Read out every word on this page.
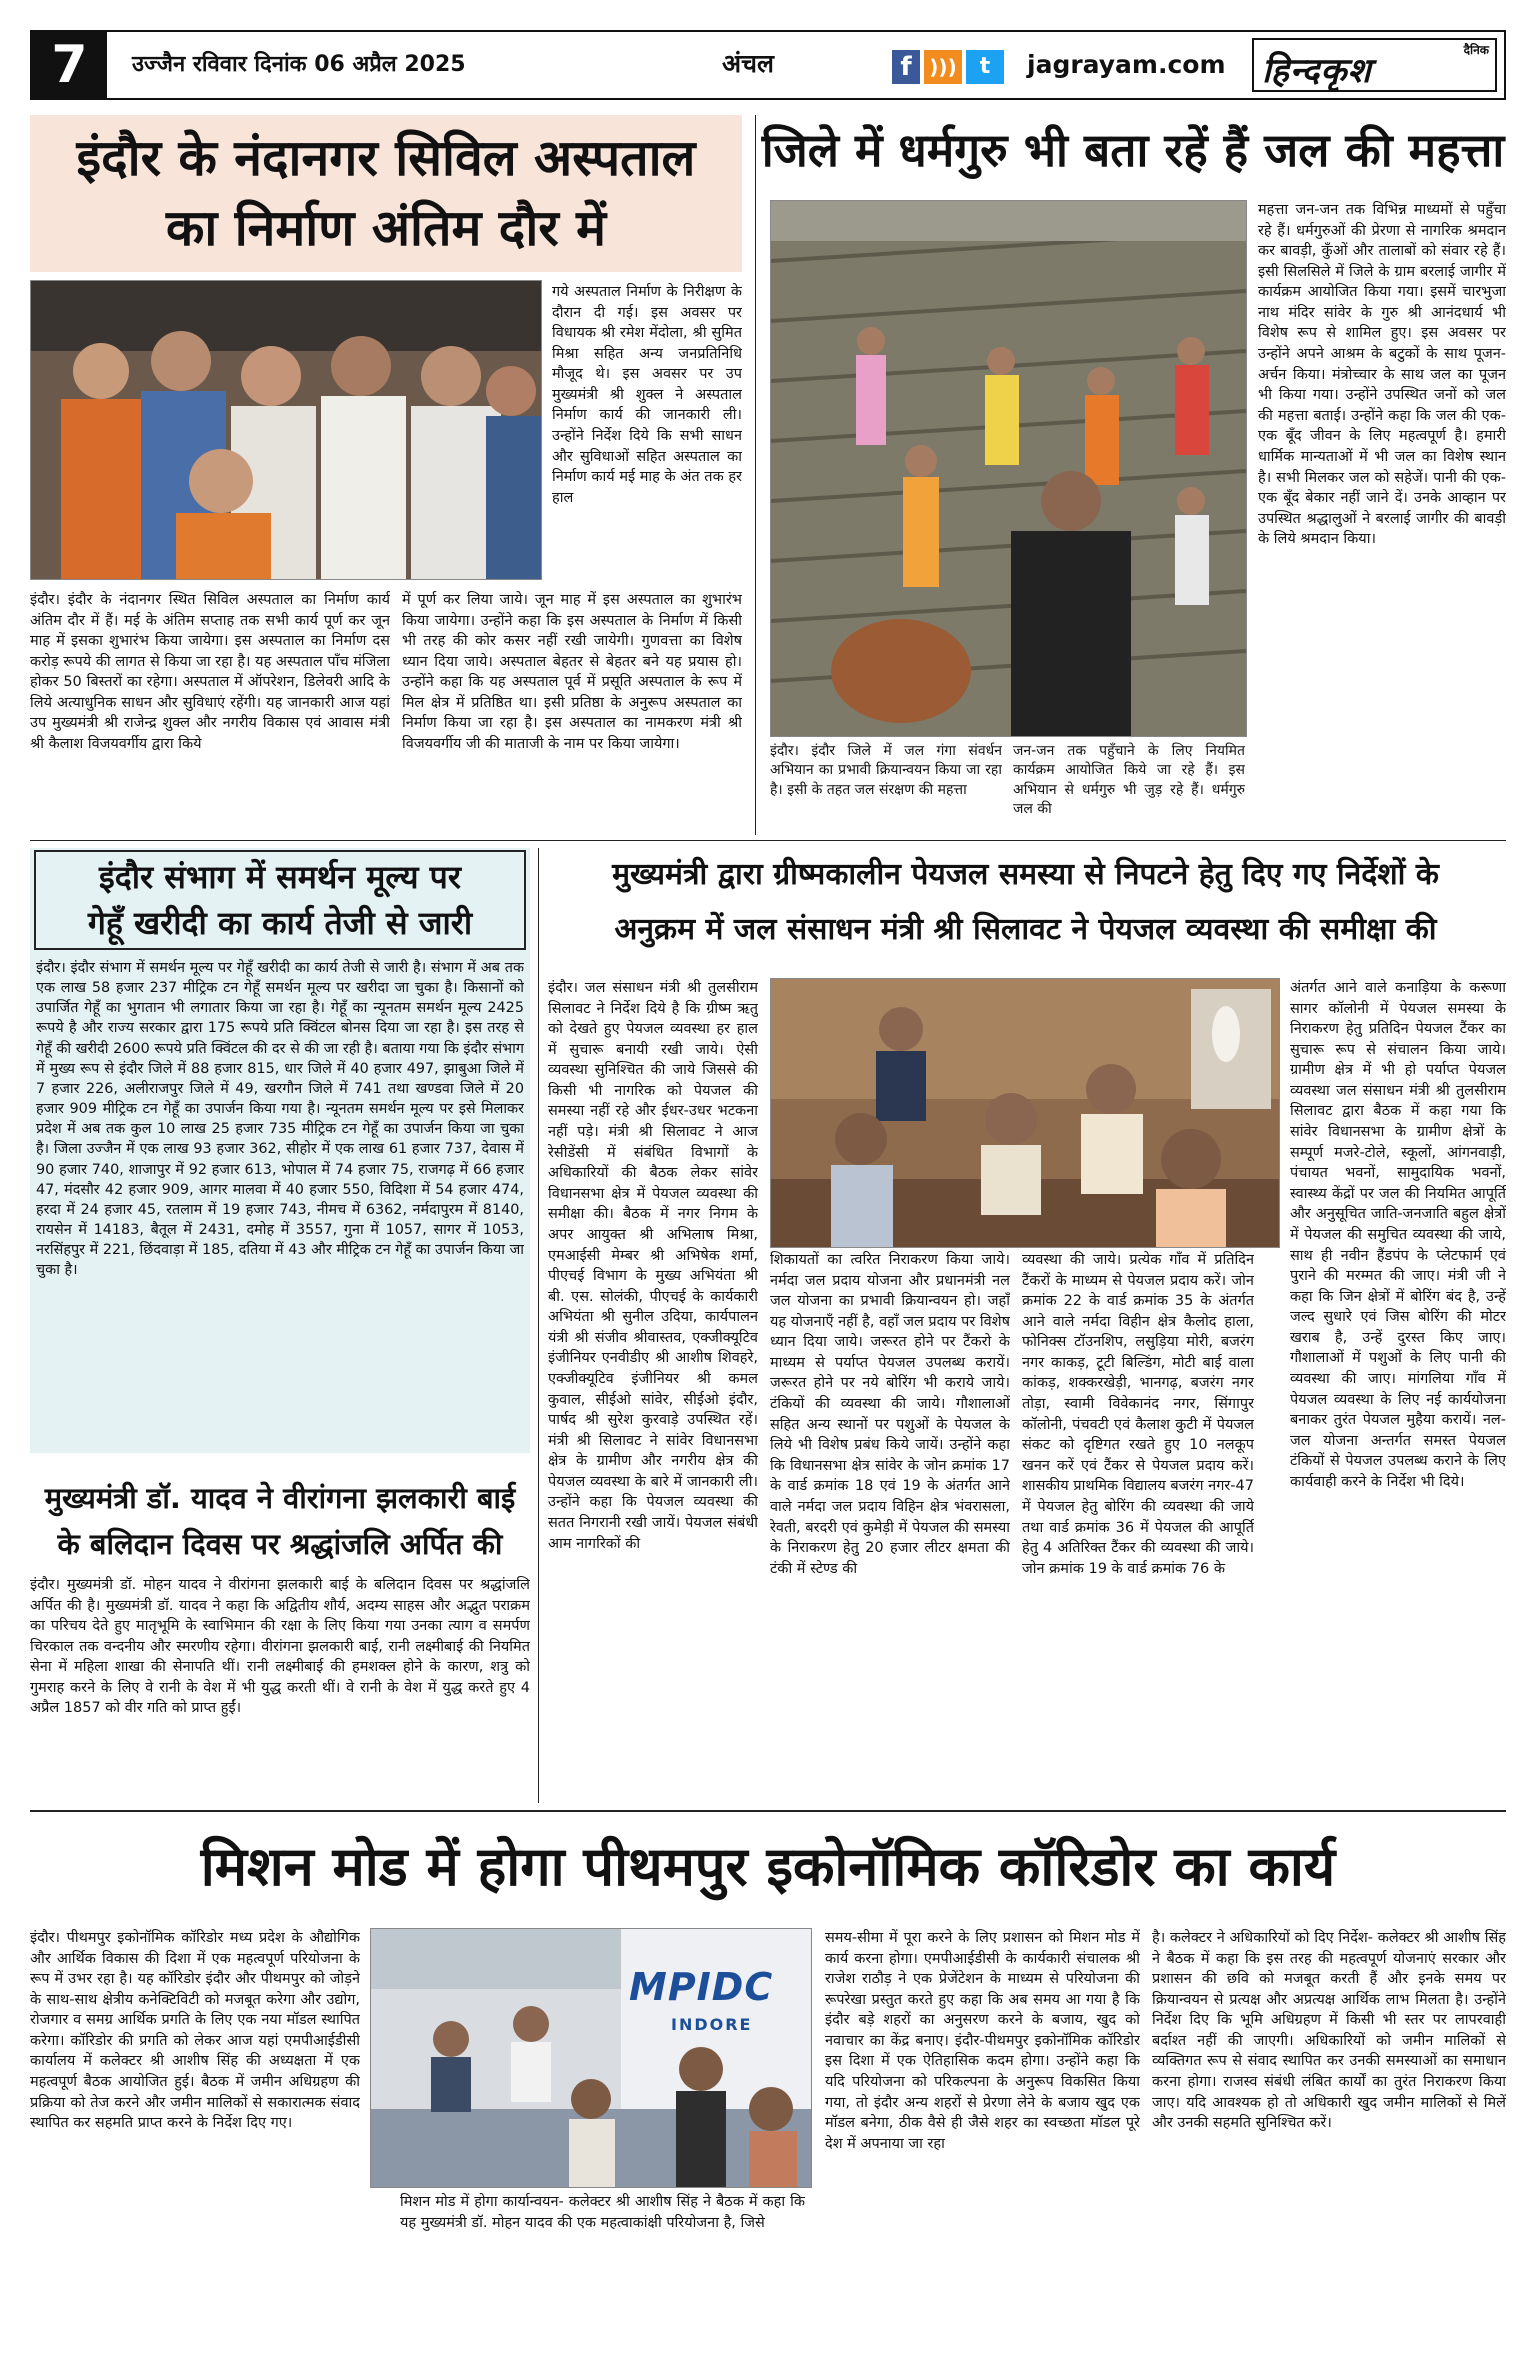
7	उज्जैन रविवार दिनांक 06 अप्रैल 2025	अंचल	f )))	t	jagrayam.com	दैनिक
हिन्दकृश
इंदौर के नंदानगर सिविल अस्पताल
का निर्माण अंतिम दौर में
गये अस्पताल निर्माण के निरीक्षण के दौरान दी गई। इस अवसर पर विधायक श्री रमेश मेंदोला, श्री सुमित मिश्रा सहित अन्य जनप्रतिनिधि मौजूद थे। इस अवसर पर उप मुख्यमंत्री श्री शुक्ल ने अस्पताल निर्माण कार्य की जानकारी ली। उन्होंने निर्देश दिये कि सभी साधन और सुविधाओं सहित अस्पताल का निर्माण कार्य मई माह के अंत तक हर हाल
इंदौर। इंदौर के नंदानगर स्थित सिविल अस्पताल का निर्माण कार्य अंतिम दौर में हैं। मई के अंतिम सप्ताह तक सभी कार्य पूर्ण कर जून माह में इसका शुभारंभ किया जायेगा। इस अस्पताल का निर्माण दस करोड़ रूपये की लागत से किया जा रहा है। यह अस्पताल पाँच मंजिला होकर 50 बिस्तरों का रहेगा। अस्पताल में ऑपरेशन, डिलेवरी आदि के लिये अत्याधुनिक साधन और सुविधाएं रहेंगी। यह जानकारी आज यहां उप मुख्यमंत्री श्री राजेन्द्र शुक्ल और नगरीय विकास एवं आवास मंत्री श्री कैलाश विजयवर्गीय द्वारा किये
में पूर्ण कर लिया जाये। जून माह में इस अस्पताल का शुभारंभ किया जायेगा। उन्होंने कहा कि इस अस्पताल के निर्माण में किसी भी तरह की कोर कसर नहीं रखी जायेगी। गुणवत्ता का विशेष ध्यान दिया जाये। अस्पताल बेहतर से बेहतर बने यह प्रयास हो। उन्होंने कहा कि यह अस्पताल पूर्व में प्रसूति अस्पताल के रूप में मिल क्षेत्र में प्रतिष्ठित था। इसी प्रतिष्ठा के अनुरूप अस्पताल का निर्माण किया जा रहा है। इस अस्पताल का नामकरण मंत्री श्री विजयवर्गीय जी की माताजी के नाम पर किया जायेगा।
जिले में धर्मगुरु भी बता रहें हैं जल की महत्ता
महत्ता जन-जन तक विभिन्न माध्यमों से पहुँचा रहे हैं। धर्मगुरुओं की प्रेरणा से नागरिक श्रमदान कर बावड़ी, कुँओं और तालाबों को संवार रहे हैं। इसी सिलसिले में जिले के ग्राम बरलाई जागीर में कार्यक्रम आयोजित किया गया। इसमें चारभुजा नाथ मंदिर सांवेर के गुरु श्री आनंदधार्य भी विशेष रूप से शामिल हुए। इस अवसर पर उन्होंने अपने आश्रम के बटुकों के साथ पूजन-अर्चन किया। मंत्रोच्चार के साथ जल का पूजन भी किया गया। उन्होंने उपस्थित जनों को जल की महत्ता बताई। उन्होंने कहा कि जल की एक-एक बूँद जीवन के लिए महत्वपूर्ण है। हमारी धार्मिक मान्यताओं में भी जल का विशेष स्थान है। सभी मिलकर जल को सहेजें। पानी की एक-एक बूँद बेकार नहीं जाने दें। उनके आव्हान पर उपस्थित श्रद्धालुओं ने बरलाई जागीर की बावड़ी के लिये श्रमदान किया।
इंदौर। इंदौर जिले में जल गंगा संवर्धन अभियान का प्रभावी क्रियान्वयन किया जा रहा है। इसी के तहत जल संरक्षण की महत्ता
जन-जन तक पहुँचाने के लिए नियमित कार्यक्रम आयोजित किये जा रहे हैं। इस अभियान से धर्मगुरु भी जुड़ रहे हैं। धर्मगुरु जल की
इंदौर संभाग में समर्थन मूल्य पर
गेहूँ खरीदी का कार्य तेजी से जारी
इंदौर। इंदौर संभाग में समर्थन मूल्य पर गेहूँ खरीदी का कार्य तेजी से जारी है। संभाग में अब तक एक लाख 58 हजार 237 मीट्रिक टन गेहूँ समर्थन मूल्य पर खरीदा जा चुका है। किसानों को उपार्जित गेहूँ का भुगतान भी लगातार किया जा रहा है। गेहूँ का न्यूनतम समर्थन मूल्य 2425 रूपये है और राज्य सरकार द्वारा 175 रूपये प्रति क्विंटल बोनस दिया जा रहा है। इस तरह से गेहूँ की खरीदी 2600 रूपये प्रति क्विंटल की दर से की जा रही है। बताया गया कि इंदौर संभाग में मुख्य रूप से इंदौर जिले में 88 हजार 815, धार जिले में 40 हजार 497, झाबुआ जिले में 7 हजार 226, अलीराजपुर जिले में 49, खरगौन जिले में 741 तथा खण्डवा जिले में 20 हजार 909 मीट्रिक टन गेहूँ का उपार्जन किया गया है। न्यूनतम समर्थन मूल्य पर इसे मिलाकर प्रदेश में अब तक कुल 10 लाख 25 हजार 735 मीट्रिक टन गेहूँ का उपार्जन किया जा चुका है। जिला उज्जैन में एक लाख 93 हजार 362, सीहोर में एक लाख 61 हजार 737, देवास में 90 हजार 740, शाजापुर में 92 हजार 613, भोपाल में 74 हजार 75, राजगढ़ में 66 हजार 47, मंदसौर 42 हजार 909, आगर मालवा में 40 हजार 550, विदिशा में 54 हजार 474, हरदा में 24 हजार 45, रतलाम में 19 हजार 743, नीमच में 6362, नर्मदापुरम में 8140, रायसेन में 14183, बैतूल में 2431, दमोह में 3557, गुना में 1057, सागर में 1053, नरसिंहपुर में 221, छिंदवाड़ा में 185, दतिया में 43 और मीट्रिक टन गेहूँ का उपार्जन किया जा चुका है।
मुख्यमंत्री डॉ. यादव ने वीरांगना झलकारी बाई
के बलिदान दिवस पर श्रद्धांजलि अर्पित की
इंदौर। मुख्यमंत्री डॉ. मोहन यादव ने वीरांगना झलकारी बाई के बलिदान दिवस पर श्रद्धांजलि अर्पित की है। मुख्यमंत्री डॉ. यादव ने कहा कि अद्वितीय शौर्य, अदम्य साहस और अद्भुत पराक्रम का परिचय देते हुए मातृभूमि के स्वाभिमान की रक्षा के लिए किया गया उनका त्याग व समर्पण चिरकाल तक वन्दनीय और स्मरणीय रहेगा। वीरांगना झलकारी बाई, रानी लक्ष्मीबाई की नियमित सेना में महिला शाखा की सेनापति थीं। रानी लक्ष्मीबाई की हमशक्ल होने के कारण, शत्रु को गुमराह करने के लिए वे रानी के वेश में भी युद्ध करती थीं। वे रानी के वेश में युद्ध करते हुए 4 अप्रैल 1857 को वीर गति को प्राप्त हुईं।
मुख्यमंत्री द्वारा ग्रीष्मकालीन पेयजल समस्या से निपटने हेतु दिए गए निर्देशों के
अनुक्रम में जल संसाधन मंत्री श्री सिलावट ने पेयजल व्यवस्था की समीक्षा की
इंदौर। जल संसाधन मंत्री श्री तुलसीराम सिलावट ने निर्देश दिये है कि ग्रीष्म ऋतु को देखते हुए पेयजल व्यवस्था हर हाल में सुचारू बनायी रखी जाये। ऐसी व्यवस्था सुनिश्चित की जाये जिससे की किसी भी नागरिक को पेयजल की समस्या नहीं रहे और ईधर-उधर भटकना नहीं पड़े। मंत्री श्री सिलावट ने आज रेसीडेंसी में संबंधित विभागों के अधिकारियों की बैठक लेकर सांवेर विधानसभा क्षेत्र में पेयजल व्यवस्था की समीक्षा की। बैठक में नगर निगम के अपर आयुक्त श्री अभिलाष मिश्रा, एमआईसी मेम्बर श्री अभिषेक शर्मा, पीएचई विभाग के मुख्य अभियंता श्री बी. एस. सोलंकी, पीएचई के कार्यकारी अभियंता श्री सुनील उदिया, कार्यपालन यंत्री श्री संजीव श्रीवास्तव, एक्जीक्यूटिव इंजीनियर एनवीडीए श्री आशीष शिवहरे, एक्जीक्यूटिव इंजीनियर श्री कमल कुवाल, सीईओ सांवेर, सीईओ इंदौर, पार्षद श्री सुरेश कुरवाड़े उपस्थित रहें। मंत्री श्री सिलावट ने सांवेर विधानसभा क्षेत्र के ग्रामीण और नगरीय क्षेत्र की पेयजल व्यवस्था के बारे में जानकारी ली। उन्होंने कहा कि पेयजल व्यवस्था की सतत निगरानी रखी जायें। पेयजल संबंधी आम नागरिकों की
शिकायतों का त्वरित निराकरण किया जाये। नर्मदा जल प्रदाय योजना और प्रधानमंत्री नल जल योजना का प्रभावी क्रियान्वयन हो। जहाँ यह योजनाएँ नहीं है, वहाँ जल प्रदाय पर विशेष ध्यान दिया जाये। जरूरत होने पर टैंकरो के माध्यम से पर्याप्त पेयजल उपलब्ध करायें। जरूरत होने पर नये बोरिंग भी कराये जाये। टंकियों की व्यवस्था की जाये। गौशालाओं सहित अन्य स्थानों पर पशुओं के पेयजल के लिये भी विशेष प्रबंध किये जायें। उन्होंने कहा कि विधानसभा क्षेत्र सांवेर के जोन क्रमांक 17 के वार्ड क्रमांक 18 एवं 19 के अंतर्गत आने वाले नर्मदा जल प्रदाय विहिन क्षेत्र भंवरासला, रेवती, बरदरी एवं कुमेड़ी में पेयजल की समस्या के निराकरण हेतु 20 हजार लीटर क्षमता की टंकी में स्टेण्ड की
व्यवस्था की जाये। प्रत्येक गाँव में प्रतिदिन टैंकरों के माध्यम से पेयजल प्रदाय करें। जोन क्रमांक 22 के वार्ड क्रमांक 35 के अंतर्गत आने वाले नर्मदा विहीन क्षेत्र कैलोद हाला, फोनिक्स टॉउनशिप, लसुड़िया मोरी, बजरंग नगर काकड़, टूटी बिल्डिंग, मोटी बाई वाला कांकड़, शक्करखेड़ी, भानगढ़, बजरंग नगर तोड़ा, स्वामी विवेकानंद नगर, सिंगापुर कॉलोनी, पंचवटी एवं कैलाश कुटी में पेयजल संकट को दृष्टिगत रखते हुए 10 नलकूप खनन करें एवं टैंकर से पेयजल प्रदाय करें। शासकीय प्राथमिक विद्यालय बजरंग नगर-47 में पेयजल हेतु बोरिंग की व्यवस्था की जाये तथा वार्ड क्रमांक 36 में पेयजल की आपूर्ति हेतु 4 अतिरिक्त टैंकर की व्यवस्था की जाये। जोन क्रमांक 19 के वार्ड क्रमांक 76 के
अंतर्गत आने वाले कनाड़िया के करूणा सागर कॉलोनी में पेयजल समस्या के निराकरण हेतु प्रतिदिन पेयजल टैंकर का सुचारू रूप से संचालन किया जाये। ग्रामीण क्षेत्र में भी हो पर्याप्त पेयजल व्यवस्था जल संसाधन मंत्री श्री तुलसीराम सिलावट द्वारा बैठक में कहा गया कि सांवेर विधानसभा के ग्रामीण क्षेत्रों के सम्पूर्ण मजरे-टोले, स्कूलों, आंगनवाड़ी, पंचायत भवनों, सामुदायिक भवनों, स्वास्थ्य केंद्रों पर जल की नियमित आपूर्ति और अनुसूचित जाति-जनजाति बहुल क्षेत्रों में पेयजल की समुचित व्यवस्था की जाये, साथ ही नवीन हैंडपंप के प्लेटफार्म एवं पुराने की मरम्मत की जाए। मंत्री जी ने कहा कि जिन क्षेत्रों में बोरिंग बंद है, उन्हें जल्द सुधारे एवं जिस बोरिंग की मोटर खराब है, उन्हें दुरस्त किए जाए। गौशालाओं में पशुओं के लिए पानी की व्यवस्था की जाए। मांगलिया गाँव में पेयजल व्यवस्था के लिए नई कार्ययोजना बनाकर तुरंत पेयजल मुहैया करायें। नल-जल योजना अन्तर्गत समस्त पेयजल टंकियों से पेयजल उपलब्ध कराने के लिए कार्यवाही करने के निर्देश भी दिये।
मिशन मोड में होगा पीथमपुर इकोनॉमिक कॉरिडोर का कार्य
इंदौर। पीथमपुर इकोनॉमिक कॉरिडोर मध्य प्रदेश के औद्योगिक और आर्थिक विकास की दिशा में एक महत्वपूर्ण परियोजना के रूप में उभर रहा है। यह कॉरिडोर इंदौर और पीथमपुर को जोड़ने के साथ-साथ क्षेत्रीय कनेक्टिविटी को मजबूत करेगा और उद्योग, रोजगार व समग्र आर्थिक प्रगति के लिए एक नया मॉडल स्थापित करेगा। कॉरिडोर की प्रगति को लेकर आज यहां एमपीआईडीसी कार्यालय में कलेक्टर श्री आशीष सिंह की अध्यक्षता में एक महत्वपूर्ण बैठक आयोजित हुई। बैठक में जमीन अधिग्रहण की प्रक्रिया को तेज करने और जमीन मालिकों से सकारात्मक संवाद स्थापित कर सहमति प्राप्त करने के निर्देश दिए गए।
MPIDC
INDORE
मिशन मोड में होगा कार्यान्वयन- कलेक्टर श्री आशीष सिंह ने बैठक में कहा कि यह मुख्यमंत्री डॉ. मोहन यादव की एक महत्वाकांक्षी परियोजना है, जिसे
समय-सीमा में पूरा करने के लिए प्रशासन को मिशन मोड में कार्य करना होगा। एमपीआईडीसी के कार्यकारी संचालक श्री राजेश राठौड़ ने एक प्रेजेंटेशन के माध्यम से परियोजना की रूपरेखा प्रस्तुत करते हुए कहा कि अब समय आ गया है कि इंदौर बड़े शहरों का अनुसरण करने के बजाय, खुद को नवाचार का केंद्र बनाए। इंदौर-पीथमपुर इकोनॉमिक कॉरिडोर इस दिशा में एक ऐतिहासिक कदम होगा। उन्होंने कहा कि यदि परियोजना को परिकल्पना के अनुरूप विकसित किया गया, तो इंदौर अन्य शहरों से प्रेरणा लेने के बजाय खुद एक मॉडल बनेगा, ठीक वैसे ही जैसे शहर का स्वच्छता मॉडल पूरे देश में अपनाया जा रहा
है। कलेक्टर ने अधिकारियों को दिए निर्देश- कलेक्टर श्री आशीष सिंह ने बैठक में कहा कि इस तरह की महत्वपूर्ण योजनाएं सरकार और प्रशासन की छवि को मजबूत करती हैं और इनके समय पर क्रियान्वयन से प्रत्यक्ष और अप्रत्यक्ष आर्थिक लाभ मिलता है। उन्होंने निर्देश दिए कि भूमि अधिग्रहण में किसी भी स्तर पर लापरवाही बर्दाश्त नहीं की जाएगी। अधिकारियों को जमीन मालिकों से व्यक्तिगत रूप से संवाद स्थापित कर उनकी समस्याओं का समाधान करना होगा। राजस्व संबंधी लंबित कार्यों का तुरंत निराकरण किया जाए। यदि आवश्यक हो तो अधिकारी खुद जमीन मालिकों से मिलें और उनकी सहमति सुनिश्चित करें।
